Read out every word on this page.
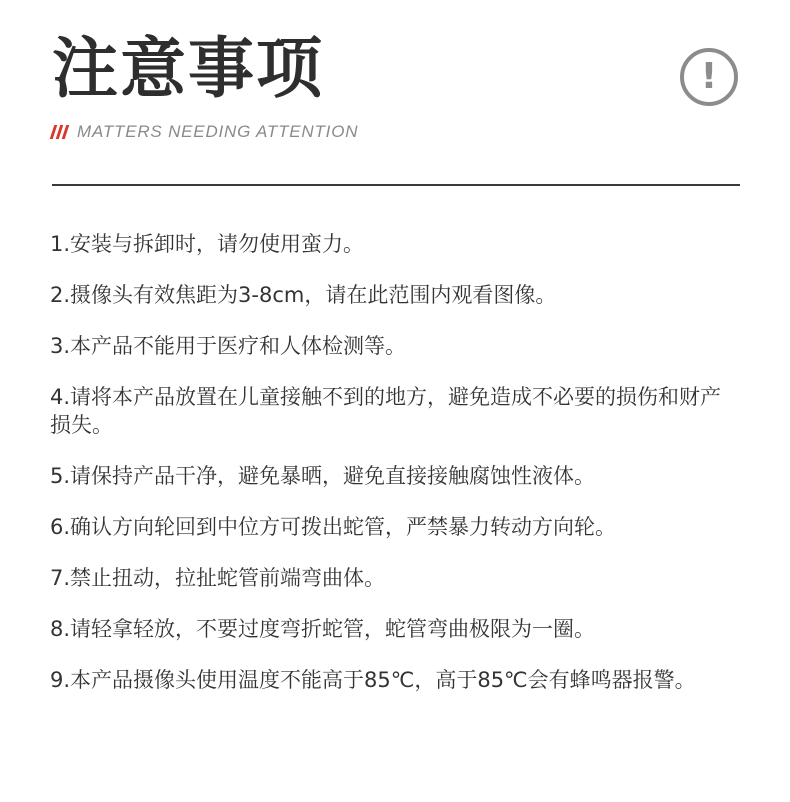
注意事项
MATTERS NEEDING ATTENTION
!
1.安装与拆卸时，请勿使用蛮力。
2.摄像头有效焦距为3-8cm，请在此范围内观看图像。
3.本产品不能用于医疗和人体检测等。
4.请将本产品放置在儿童接触不到的地方，避免造成不必要的损伤和财产损失。
5.请保持产品干净，避免暴晒，避免直接接触腐蚀性液体。
6.确认方向轮回到中位方可拨出蛇管，严禁暴力转动方向轮。
7.禁止扭动，拉扯蛇管前端弯曲体。
8.请轻拿轻放，不要过度弯折蛇管，蛇管弯曲极限为一圈。
9.本产品摄像头使用温度不能高于85℃，高于85℃会有蜂鸣器报警。
